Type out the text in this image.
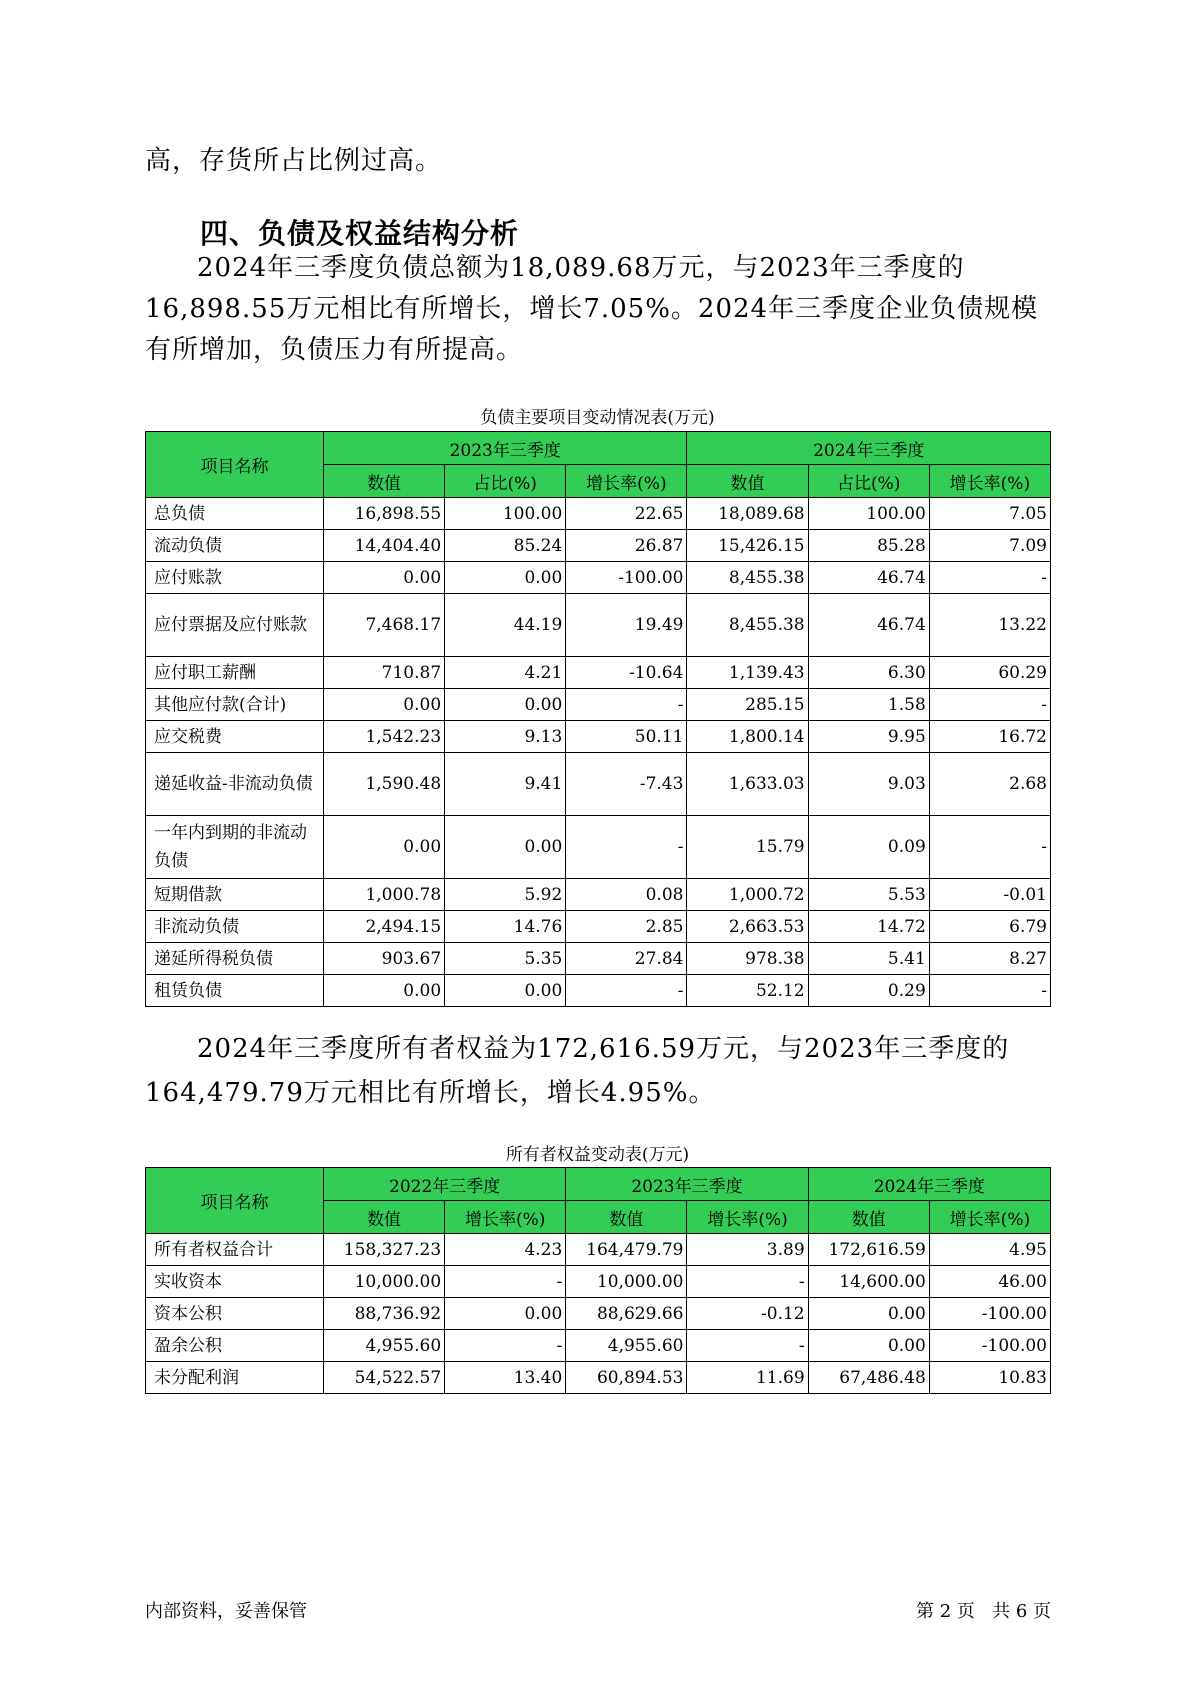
高，存货所占比例过高。
四、负债及权益结构分析
2024年三季度负债总额为18,089.68万元，与2023年三季度的16,898.55万元相比有所增长，增长7.05%。2024年三季度企业负债规模有所增加，负债压力有所提高。
负债主要项目变动情况表(万元)
项目名称	2023年三季度			2024年三季度		
	数值	占比(%)	增长率(%)	数值	占比(%)	增长率(%)
总负债	16,898.55	100.00	22.65	18,089.68	100.00	7.05
流动负债	14,404.40	85.24	26.87	15,426.15	85.28	7.09
应付账款	0.00	0.00	-100.00	8,455.38	46.74	-
应付票据及应付账款	7,468.17	44.19	19.49	8,455.38	46.74	13.22
应付职工薪酬	710.87	4.21	-10.64	1,139.43	6.30	60.29
其他应付款(合计)	0.00	0.00	-	285.15	1.58	-
应交税费	1,542.23	9.13	50.11	1,800.14	9.95	16.72
递延收益-非流动负债	1,590.48	9.41	-7.43	1,633.03	9.03	2.68
一年内到期的非流动负债	0.00	0.00	-	15.79	0.09	-
短期借款	1,000.78	5.92	0.08	1,000.72	5.53	-0.01
非流动负债	2,494.15	14.76	2.85	2,663.53	14.72	6.79
递延所得税负债	903.67	5.35	27.84	978.38	5.41	8.27
租赁负债	0.00	0.00	-	52.12	0.29	-
2024年三季度所有者权益为172,616.59万元，与2023年三季度的164,479.79万元相比有所增长，增长4.95%。
所有者权益变动表(万元)
项目名称	2022年三季度		2023年三季度		2024年三季度	
	数值	增长率(%)	数值	增长率(%)	数值	增长率(%)
所有者权益合计	158,327.23	4.23	164,479.79	3.89	172,616.59	4.95
实收资本	10,000.00	-	10,000.00	-	14,600.00	46.00
资本公积	88,736.92	0.00	88,629.66	-0.12	0.00	-100.00
盈余公积	4,955.60	-	4,955.60	-	0.00	-100.00
未分配利润	54,522.57	13.40	60,894.53	11.69	67,486.48	10.83
内部资料，妥善保管	第 2 页   共 6 页
